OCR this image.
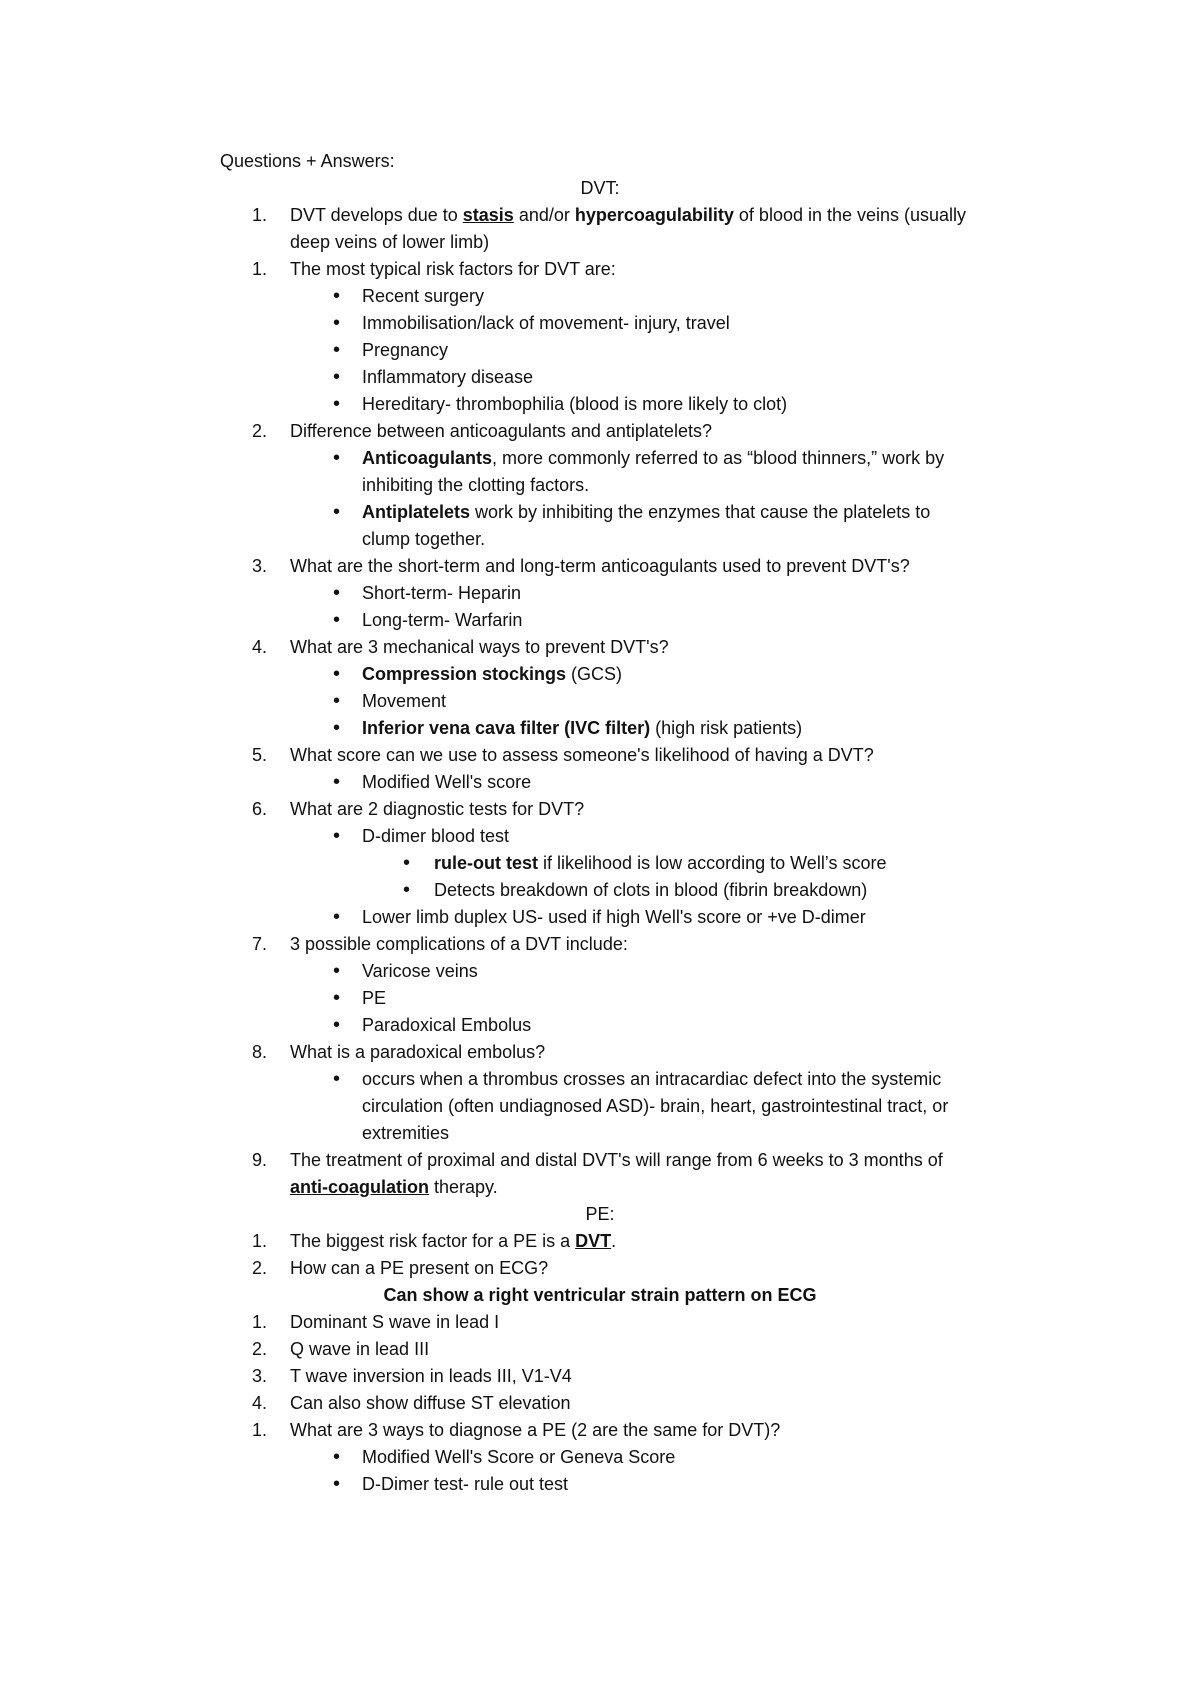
Questions + Answers:
DVT:
1. DVT develops due to stasis and/or hypercoagulability of blood in the veins (usually
deep veins of lower limb)
1. The most typical risk factors for DVT are:
• Recent surgery
• Immobilisation/lack of movement- injury, travel
• Pregnancy
• Inflammatory disease
• Hereditary- thrombophilia (blood is more likely to clot)
2. Difference between anticoagulants and antiplatelets?
• Anticoagulants, more commonly referred to as “blood thinners,” work by
inhibiting the clotting factors.
• Antiplatelets work by inhibiting the enzymes that cause the platelets to
clump together.
3. What are the short-term and long-term anticoagulants used to prevent DVT's?
• Short-term- Heparin
• Long-term- Warfarin
4. What are 3 mechanical ways to prevent DVT's?
• Compression stockings (GCS)
• Movement
• Inferior vena cava filter (IVC filter) (high risk patients)
5. What score can we use to assess someone's likelihood of having a DVT?
• Modified Well's score
6. What are 2 diagnostic tests for DVT?
• D-dimer blood test
• rule-out test if likelihood is low according to Well’s score
• Detects breakdown of clots in blood (fibrin breakdown)
• Lower limb duplex US- used if high Well's score or +ve D-dimer
7. 3 possible complications of a DVT include:
• Varicose veins
• PE
• Paradoxical Embolus
8. What is a paradoxical embolus?
• occurs when a thrombus crosses an intracardiac defect into the systemic
circulation (often undiagnosed ASD)- brain, heart, gastrointestinal tract, or
extremities
9. The treatment of proximal and distal DVT's will range from 6 weeks to 3 months of
anti-coagulation therapy.
PE:
1. The biggest risk factor for a PE is a DVT.
2. How can a PE present on ECG?
Can show a right ventricular strain pattern on ECG
1. Dominant S wave in lead I
2. Q wave in lead III
3. T wave inversion in leads III, V1-V4
4. Can also show diffuse ST elevation
1. What are 3 ways to diagnose a PE (2 are the same for DVT)?
• Modified Well's Score or Geneva Score
• D-Dimer test- rule out test
